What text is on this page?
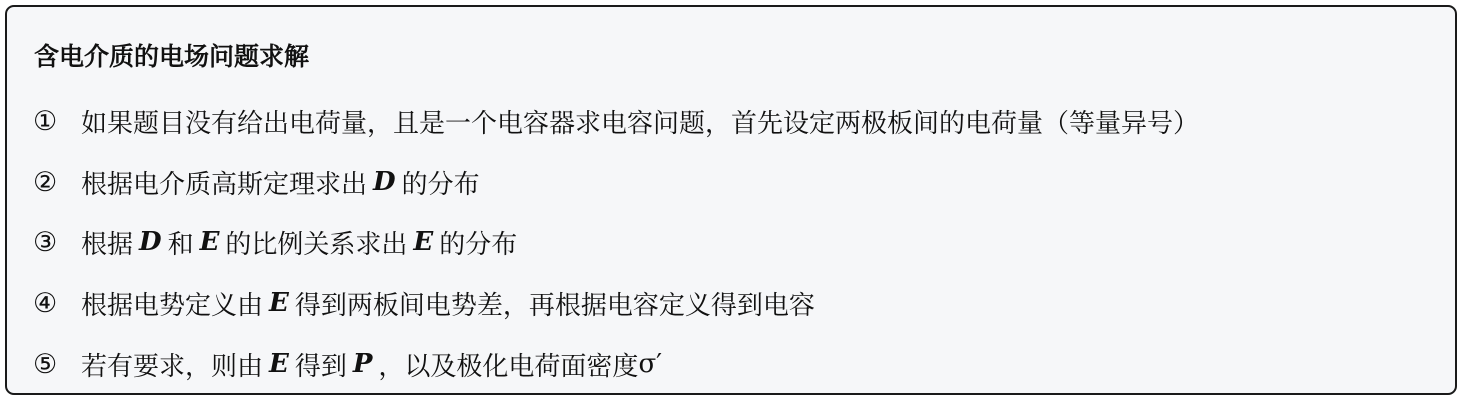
含电介质的电场问题求解
① 如果题目没有给出电荷量，且是一个电容器求电容问题，首先设定两极板间的电荷量（等量异号）
② 根据电介质高斯定理求出 D 的分布
③ 根据 D 和 E 的比例关系求出 E 的分布
④ 根据电势定义由 E 得到两板间电势差，再根据电容定义得到电容
⑤ 若有要求，则由 E 得到 P ，以及极化电荷面密度 σ′
